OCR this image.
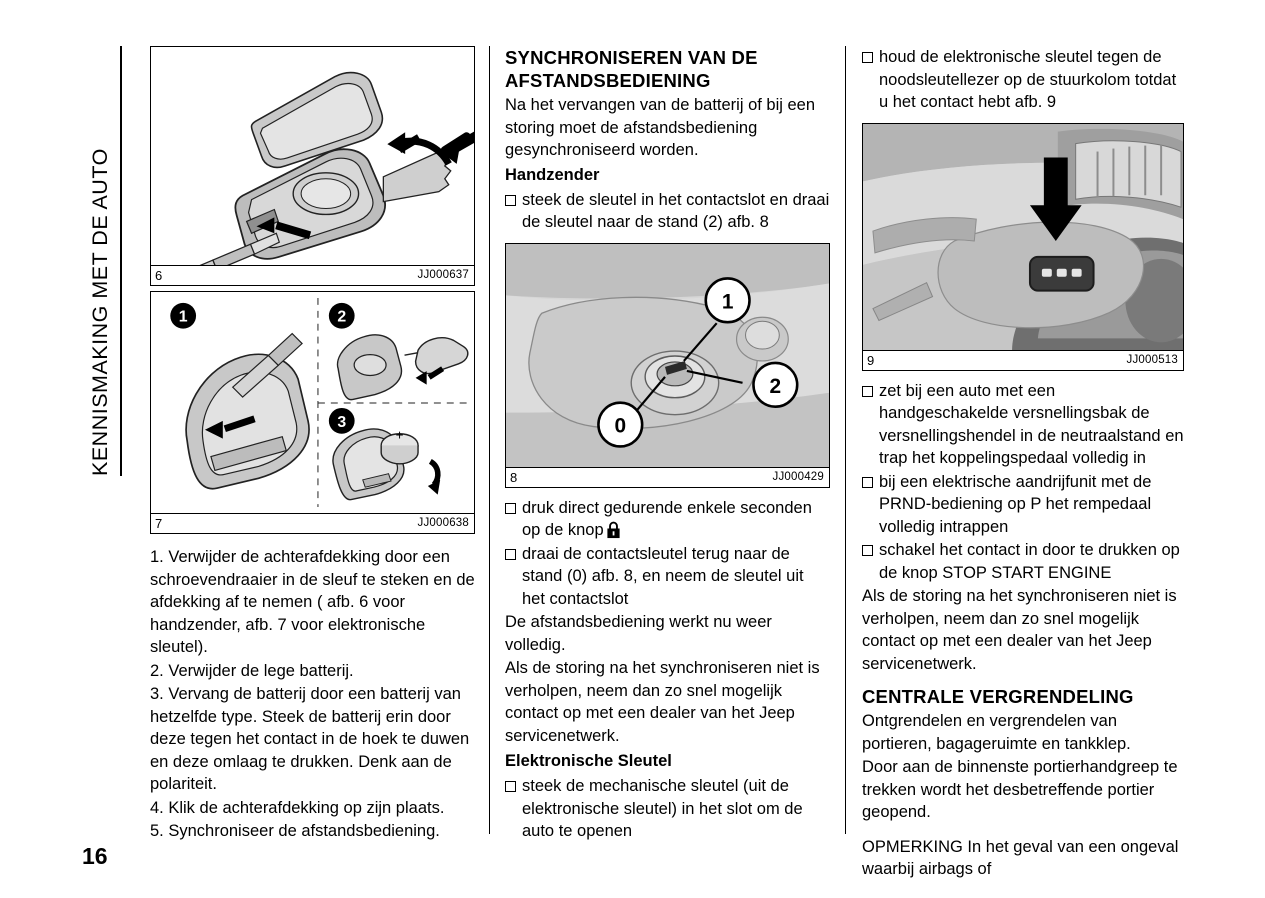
KENNISMAKING MET DE AUTO	6	JJ000637
1	2
3
+
7	JJ000638

1. Verwijder de achterafdekking door een schroevendraaier in de sleuf te steken en de afdekking af te nemen ( afb. 6 voor handzender, afb. 7 voor elektronische sleutel).

2. Verwijder de lege batterij.

3. Vervang de batterij door een batterij van hetzelfde type. Steek de batterij erin door deze tegen het contact in de hoek te duwen en deze omlaag te drukken. Denk aan de polariteit.

4. Klik de achterafdekking op zijn plaats.

5. Synchroniseer de afstandsbediening.

SYNCHRONISEREN VAN DE AFSTANDSBEDIENING

Na het vervangen van de batterij of bij een storing moet de afstandsbediening gesynchroniseerd worden.

Handzender
steek de sleutel in het contactslot en draai de sleutel naar de stand (2) afb. 8
1
2
0
8	JJ000429
druk direct gedurende enkele seconden op de knop
draai de contactsleutel terug naar de stand (0) afb. 8, en neem de sleutel uit het contactslot

De afstandsbediening werkt nu weer volledig.

Als de storing na het synchroniseren niet is verholpen, neem dan zo snel mogelijk contact op met een dealer van het Jeep servicenetwerk.

Elektronische Sleutel
steek de mechanische sleutel (uit de elektronische sleutel) in het slot om de auto te openen
houd de elektronische sleutel tegen de noodsleutellezer op de stuurkolom totdat u het contact hebt afb. 9
9	JJ000513
zet bij een auto met een handgeschakelde versnellingsbak de versnellingshendel in de neutraalstand en trap het koppelingspedaal volledig in
bij een elektrische aandrijfunit met de PRND-bediening op P het rempedaal volledig intrappen
schakel het contact in door te drukken op de knop STOP START ENGINE

Als de storing na het synchroniseren niet is verholpen, neem dan zo snel mogelijk contact op met een dealer van het Jeep servicenetwerk.

CENTRALE VERGRENDELING

Ontgrendelen en vergrendelen van portieren, bagageruimte en tankklep.

Door aan de binnenste portierhandgreep te trekken wordt het desbetreffende portier geopend.

OPMERKING In het geval van een ongeval waarbij airbags of

16
